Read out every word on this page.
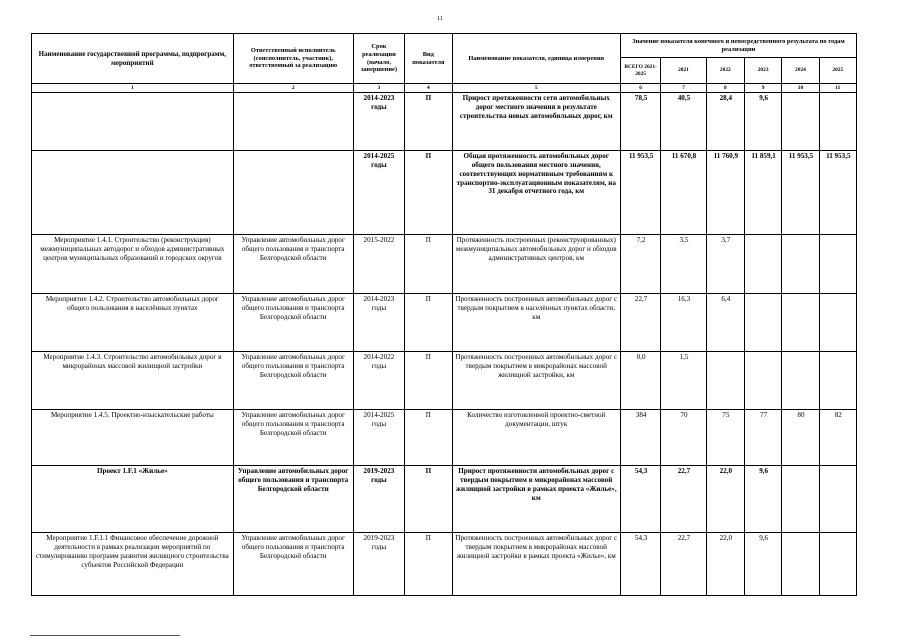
11
Наименование государственной программы, подпрограмм, мероприятий	Ответственный исполнитель (соисполнитель, участник), ответственный за реализацию	Срок реализации (начало, завершение)	Вид показателя	Наименование показателя, единица измерения	Значение показателя конечного и непосредственного результата по годам реализации					
					ВСЕГО 2021-2025	2021	2022	2023	2024	2025
1	2	3	4	5	6	7	8	9	10	11
		2014-2023 годы	П	Прирост протяженности сети автомобильных дорог местного значения в результате строительства новых автомобильных дорог, км	78,5	40,5	28,4	9,6		
		2014-2025 годы	П	Общая протяженность автомобильных дорог общего пользования местного значения, соответствующих нормативным требованиям к транспортно-эксплуатационным показателям, на 31 декабря отчетного года, км	11 953,5	11 670,8	11 760,9	11 859,1	11 953,5	11 953,5
Мероприятие 1.4.1. Строительство (реконструкция) межмуниципальных автодорог и обходов административных центров муниципальных образований и городских округов	Управление автомобильных дорог общего пользования и транспорта Белгородской области	2015-2022	П	Протяженность построенных (реконструированных) межмуниципальных автомобильных дорог и обходов административных центров, км	7,2	3,5	3,7			
Мероприятие 1.4.2. Строительство автомобильных дорог общего пользования в населённых пунктах	Управление автомобильных дорог общего пользования и транспорта Белгородской области	2014-2023 годы	П	Протяженность построенных автомобильных дорог с твердым покрытием в населённых пунктах области, км	22,7	16,3	6,4			
Мероприятие 1.4.3. Строительство автомобильных дорог в микрорайонах массовой жилищной застройки	Управление автомобильных дорог общего пользования и транспорта Белгородской области	2014-2022 годы	П	Протяженность построенных автомобильных дорог с твердым покрытием в микрорайонах массовой жилищной застройки, км	0,0	1,5				
Мероприятие 1.4.5. Проектно-изыскательские работы	Управление автомобильных дорог общего пользования и транспорта Белгородской области	2014-2025 годы	П	Количество изготовленной проектно-сметной документации, штук	384	70	75	77	80	82
Проект 1.F.1 «Жилье»	Управление автомобильных дорог общего пользования и транспорта Белгородской области	2019-2023 годы	П	Прирост протяженности автомобильных дорог с твердым покрытием в микрорайонах массовой жилищной застройки в рамках проекта «Жилье», км	54,3	22,7	22,0	9,6		
Мероприятие 1.F.1.1 Финансовое обеспечение дорожной деятельности в рамках реализации мероприятий по стимулированию программ развития жилищного строительства субъектов Российской Федерации	Управление автомобильных дорог общего пользования и транспорта Белгородской области	2019-2023 годы	П	Протяженность построенных автомобильных дорог с твердым покрытием в микрорайонах массовой жилищной застройки в рамках проекта «Жилье», км	54,3	22,7	22,0	9,6		
